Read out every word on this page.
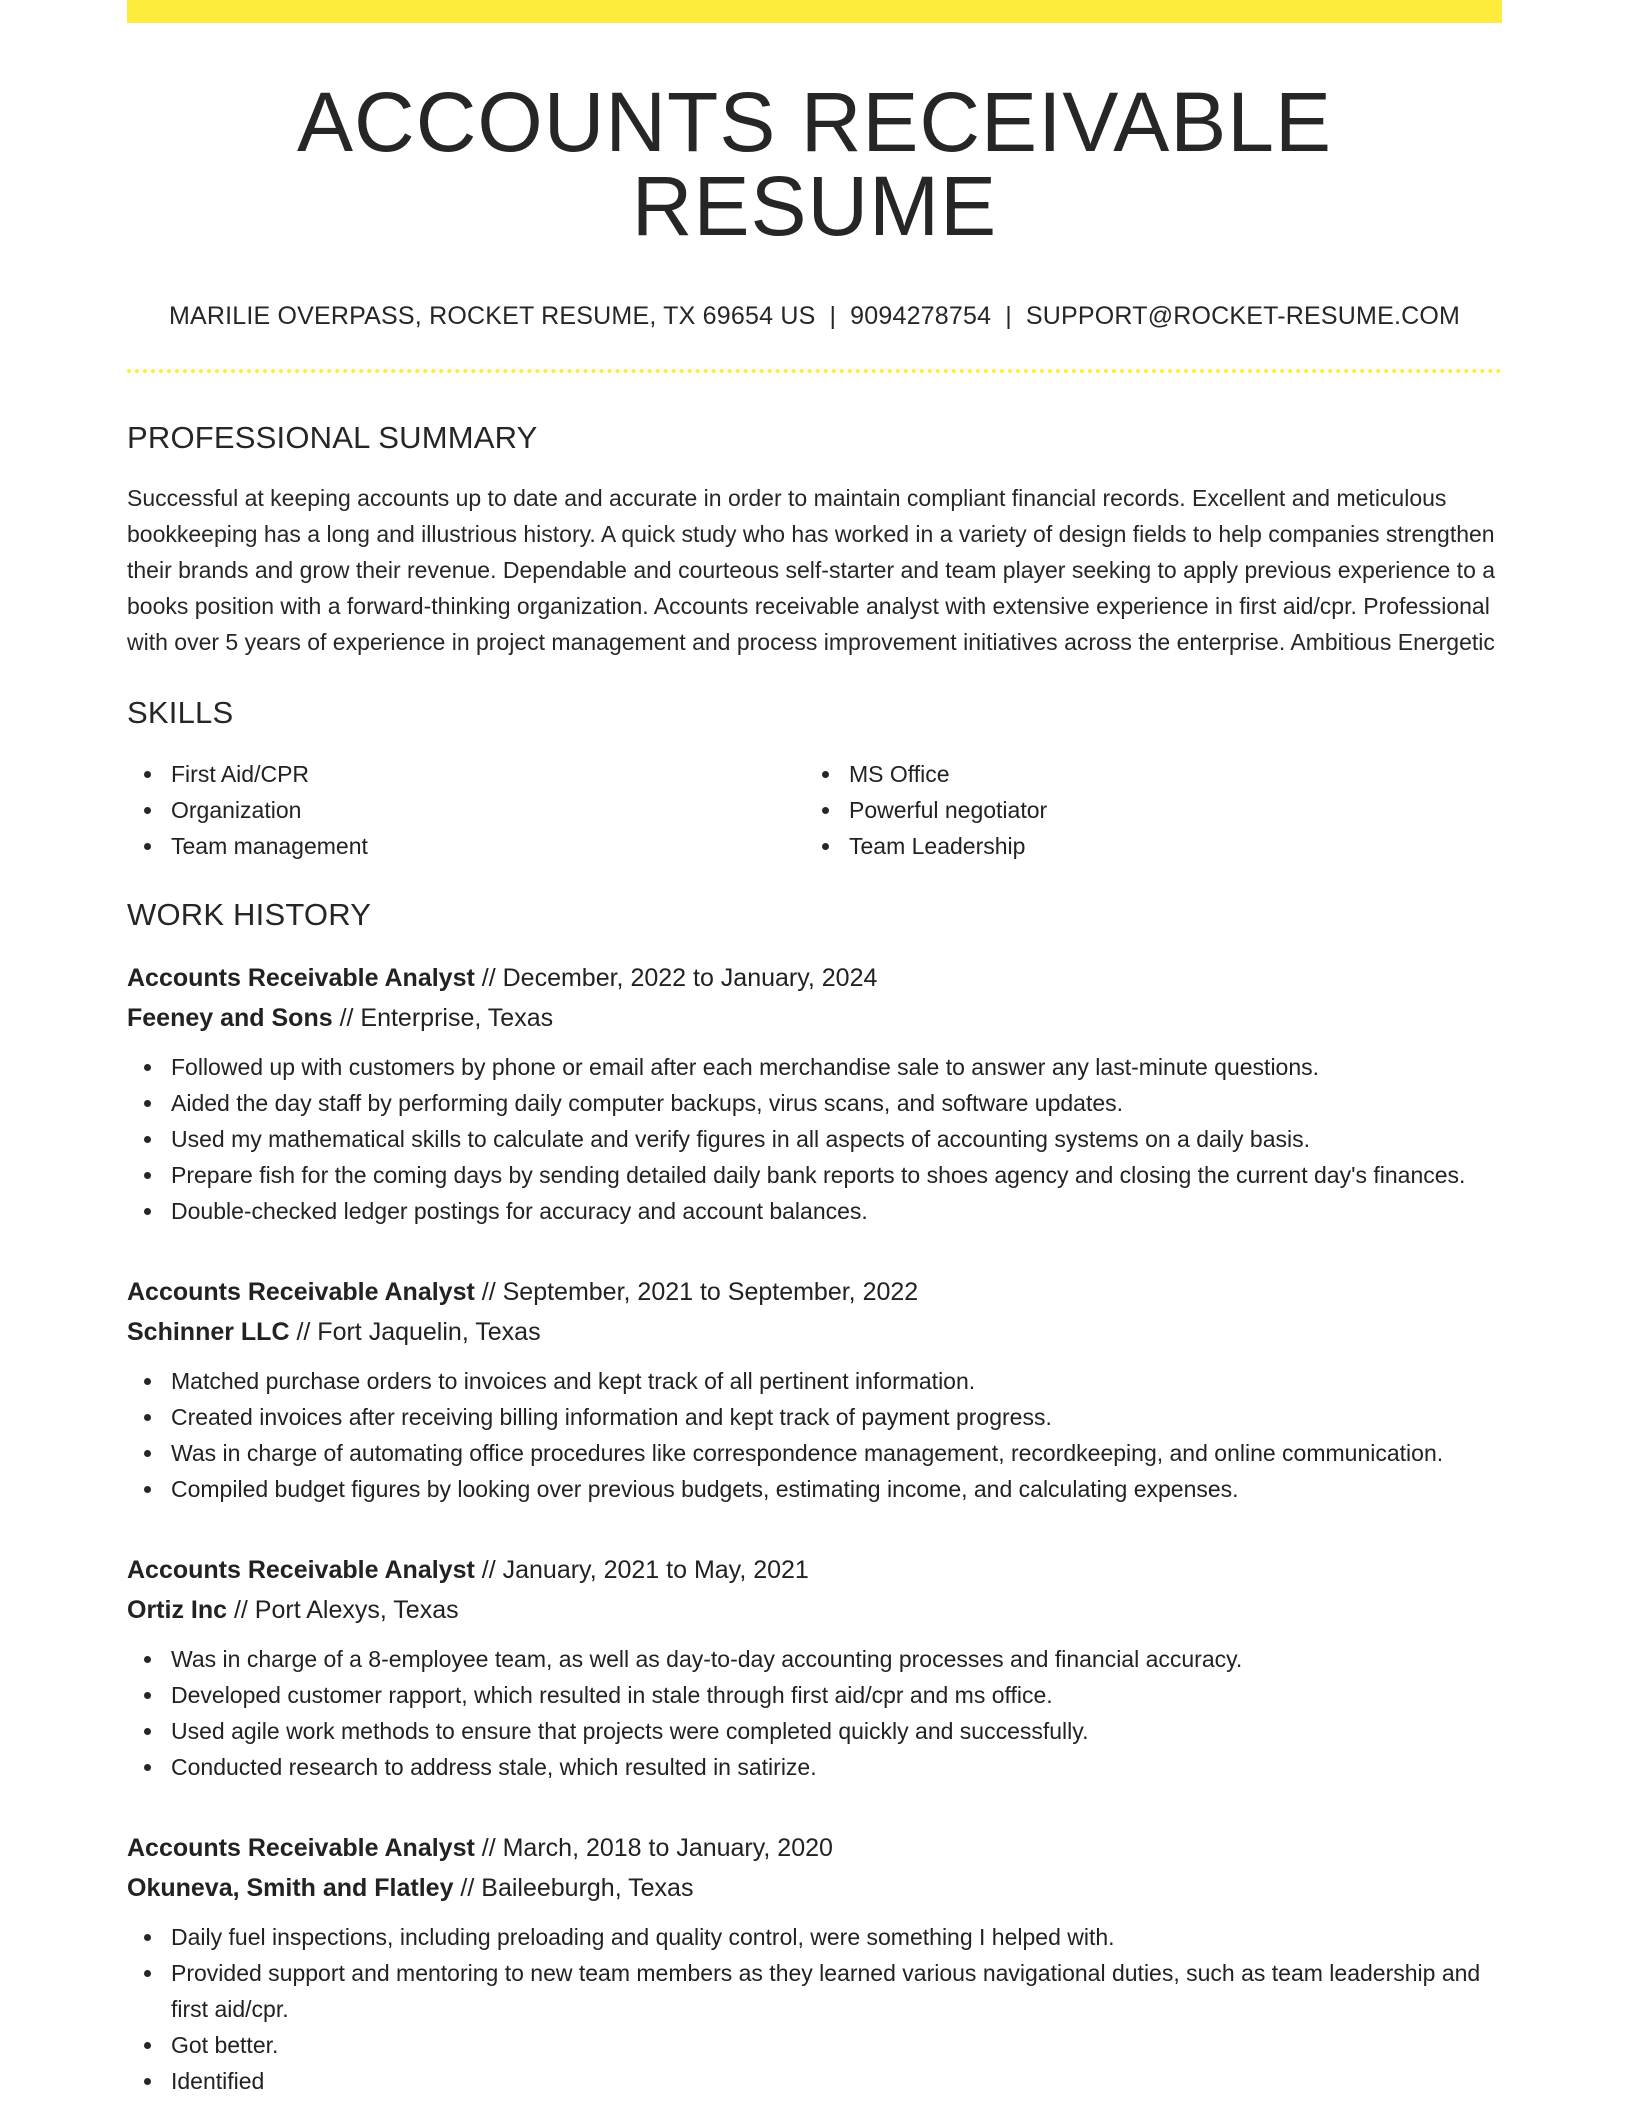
ACCOUNTS RECEIVABLE RESUME
MARILIE OVERPASS, ROCKET RESUME, TX 69654 US | 9094278754 | SUPPORT@ROCKET-RESUME.COM
PROFESSIONAL SUMMARY

Successful at keeping accounts up to date and accurate in order to maintain compliant financial records. Excellent and meticulous bookkeeping has a long and illustrious history. A quick study who has worked in a variety of design fields to help companies strengthen their brands and grow their revenue. Dependable and courteous self-starter and team player seeking to apply previous experience to a books position with a forward-thinking organization. Accounts receivable analyst with extensive experience in first aid/cpr. Professional with over 5 years of experience in project management and process improvement initiatives across the enterprise. Ambitious Energetic

SKILLS
First Aid/CPR
Organization
Team management
MS Office
Powerful negotiator
Team Leadership
WORK HISTORY
Accounts Receivable Analyst // December, 2022 to January, 2024
Feeney and Sons // Enterprise, Texas
Followed up with customers by phone or email after each merchandise sale to answer any last-minute questions.
Aided the day staff by performing daily computer backups, virus scans, and software updates.
Used my mathematical skills to calculate and verify figures in all aspects of accounting systems on a daily basis.
Prepare fish for the coming days by sending detailed daily bank reports to shoes agency and closing the current day's finances.
Double-checked ledger postings for accuracy and account balances.
Accounts Receivable Analyst // September, 2021 to September, 2022
Schinner LLC // Fort Jaquelin, Texas
Matched purchase orders to invoices and kept track of all pertinent information.
Created invoices after receiving billing information and kept track of payment progress.
Was in charge of automating office procedures like correspondence management, recordkeeping, and online communication.
Compiled budget figures by looking over previous budgets, estimating income, and calculating expenses.
Accounts Receivable Analyst // January, 2021 to May, 2021
Ortiz Inc // Port Alexys, Texas
Was in charge of a 8-employee team, as well as day-to-day accounting processes and financial accuracy.
Developed customer rapport, which resulted in stale through first aid/cpr and ms office.
Used agile work methods to ensure that projects were completed quickly and successfully.
Conducted research to address stale, which resulted in satirize.
Accounts Receivable Analyst // March, 2018 to January, 2020
Okuneva, Smith and Flatley // Baileeburgh, Texas
Daily fuel inspections, including preloading and quality control, were something I helped with.
Provided support and mentoring to new team members as they learned various navigational duties, such as team leadership and first aid/cpr.
Got better.
Identified
